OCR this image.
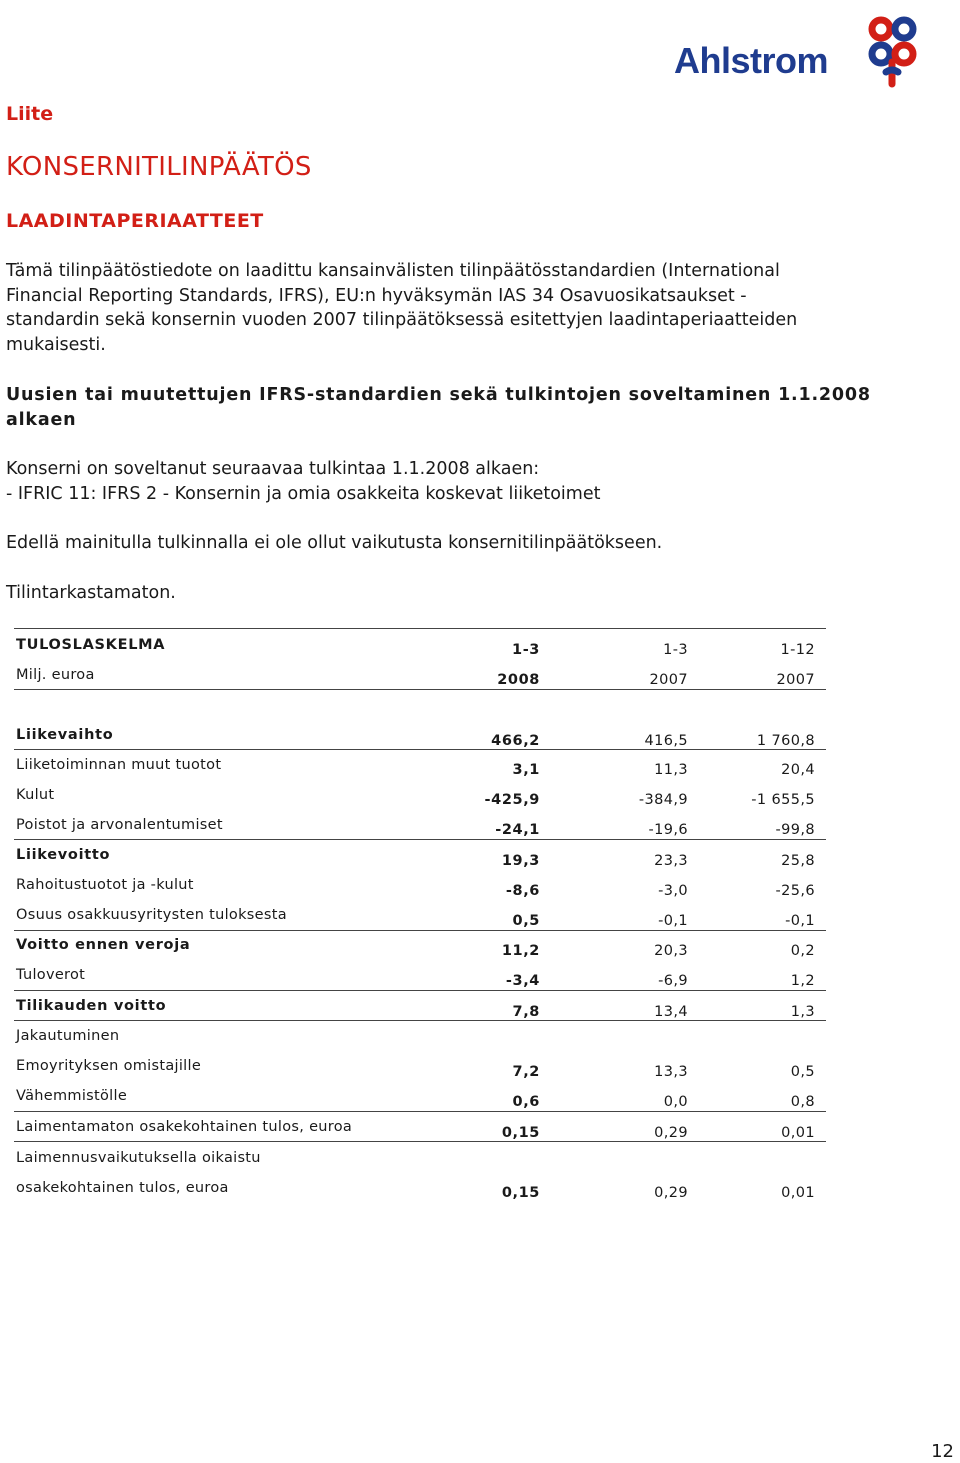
Ahlstrom
Liite
KONSERNITILINPÄÄTÖS
LAADINTAPERIAATTEET
Tämä tilinpäätöstiedote on laadittu kansainvälisten tilinpäätösstandardien (International
Financial Reporting Standards, IFRS), EU:n hyväksymän IAS 34 Osavuosikatsaukset -
standardin sekä konsernin vuoden 2007 tilinpäätöksessä esitettyjen laadintaperiaatteiden
mukaisesti.
Uusien tai muutettujen IFRS-standardien sekä tulkintojen soveltaminen 1.1.2008
alkaen
Konserni on soveltanut seuraavaa tulkintaa 1.1.2008 alkaen:
- IFRIC 11: IFRS 2 - Konsernin ja omia osakkeita koskevat liiketoimet
Edellä mainitulla tulkinnalla ei ole ollut vaikutusta konsernitilinpäätökseen.
Tilintarkastamaton.
TULOSLASKELMA	1-3	1-3	1-12
Milj. euroa	2008	2007	2007
Liikevaihto	466,2	416,5	1 760,8
Liiketoiminnan muut tuotot	3,1	11,3	20,4
Kulut	-425,9	-384,9	-1 655,5
Poistot ja arvonalentumiset	-24,1	-19,6	-99,8
Liikevoitto	19,3	23,3	25,8
Rahoitustuotot ja -kulut	-8,6	-3,0	-25,6
Osuus osakkuusyritysten tuloksesta	0,5	-0,1	-0,1
Voitto ennen veroja	11,2	20,3	0,2
Tuloverot	-3,4	-6,9	1,2
Tilikauden voitto	7,8	13,4	1,3
Jakautuminen
Emoyrityksen omistajille	7,2	13,3	0,5
Vähemmistölle	0,6	0,0	0,8
Laimentamaton osakekohtainen tulos, euroa	0,15	0,29	0,01
Laimennusvaikutuksella oikaistu
osakekohtainen tulos, euroa	0,15	0,29	0,01
12
